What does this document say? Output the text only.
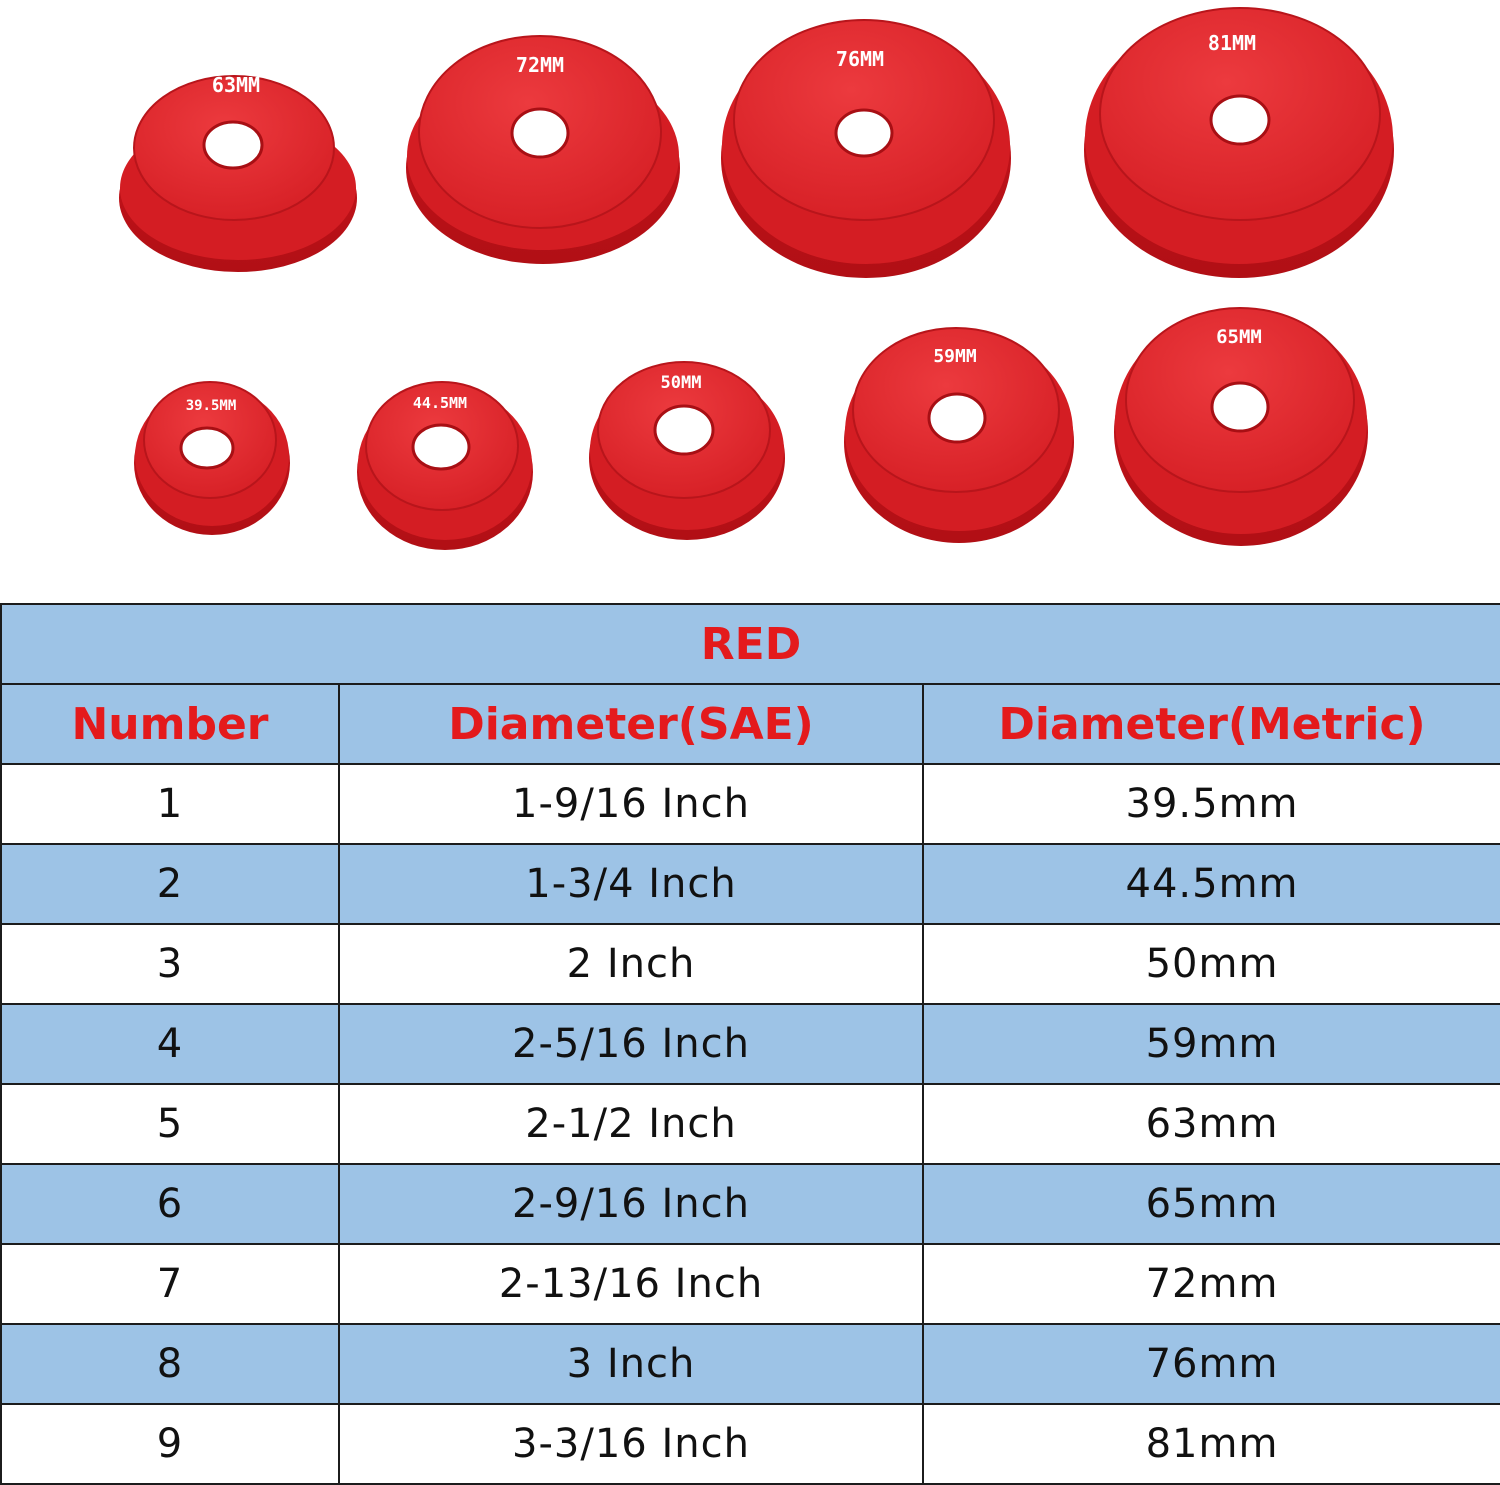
63MM
72MM	76MM
81MM
39.5MM	44.5MM
50MM
59MM
65MM
RED		
Number	Diameter(SAE)	Diameter(Metric)
1	1-9/16 Inch	39.5mm
2	1-3/4 Inch	44.5mm
3	2 Inch	50mm
4	2-5/16 Inch	59mm
5	2-1/2 Inch	63mm
6	2-9/16 Inch	65mm
7	2-13/16 Inch	72mm
8	3 Inch	76mm
9	3-3/16 Inch	81mm
